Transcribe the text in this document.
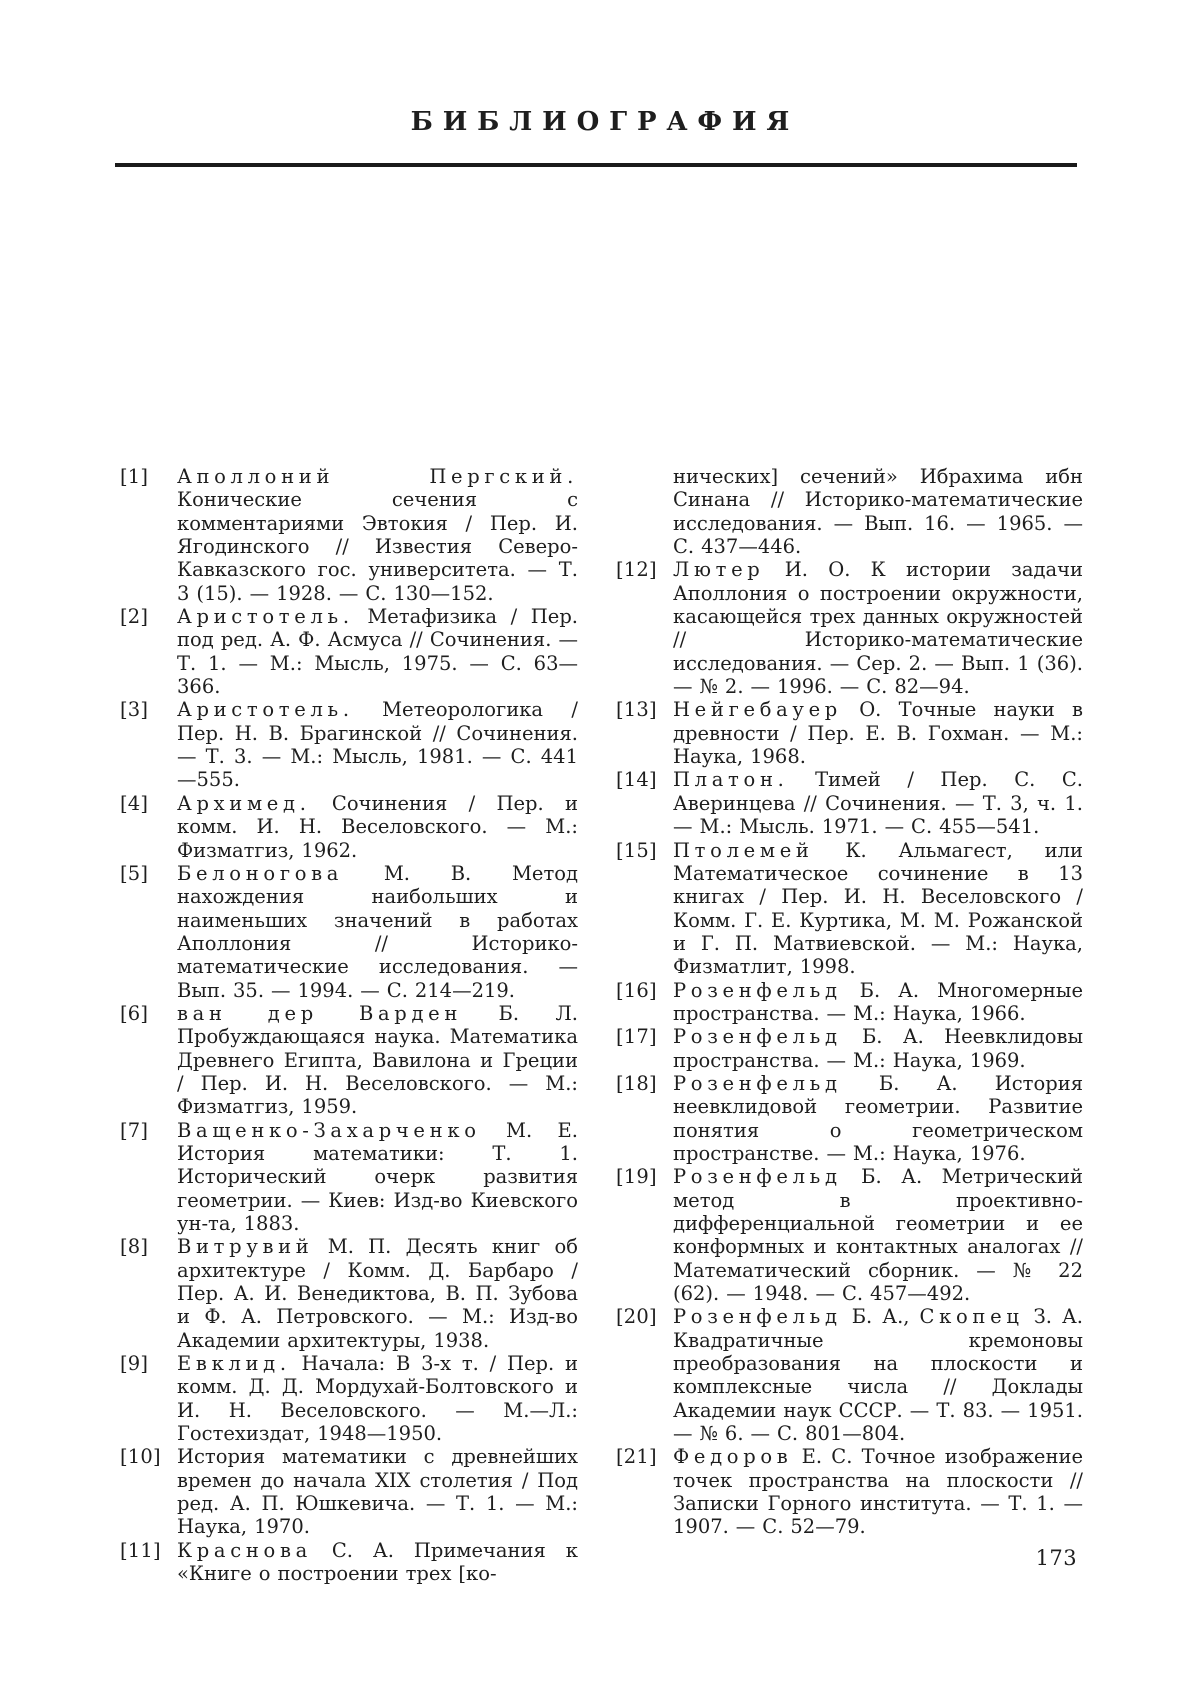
БИБЛИОГРАФИЯ
[1] Аполлоний Пергский. Конические сечения с комментариями Эвтокия / Пер. И. Ягодинского // Известия Северо-Кавказского гос. университета. — Т. 3 (15). — 1928. — С. 130—152.
[2] Аристотель. Метафизика / Пер. под ред. А. Ф. Асмуса // Сочинения. — Т. 1. — М.: Мысль, 1975. — С. 63—366.
[3] Аристотель. Метеорологика / Пер. Н. В. Брагинской // Сочинения. — Т. 3. — М.: Мысль, 1981. — С. 441—555.
[4] Архимед. Сочинения / Пер. и комм. И. Н. Веселовского. — М.: Физматгиз, 1962.
[5] Белоногова М. В. Метод нахождения наибольших и наименьших значений в работах Аполлония // Историко-математические исследования. — Вып. 35. — 1994. — С. 214—219.
[6] ван дер Варден Б. Л. Пробуждающаяся наука. Математика Древнего Египта, Вавилона и Греции / Пер. И. Н. Веселовского. — М.: Физматгиз, 1959.
[7] Ващенко-Захарченко М. Е. История математики: Т. 1. Исторический очерк развития геометрии. — Киев: Изд-во Киевского ун-та, 1883.
[8] Витрувий М. П. Десять книг об архитектуре / Комм. Д. Барбаро / Пер. А. И. Венедиктова, В. П. Зубова и Ф. А. Петровского. — М.: Изд-во Академии архитектуры, 1938.
[9] Евклид. Начала: В 3-х т. / Пер. и комм. Д. Д. Мордухай-Болтовского и И. Н. Веселовского. — М.—Л.: Гостехиздат, 1948—1950.
[10] История математики с древнейших времен до начала XIX столетия / Под ред. А. П. Юшкевича. — Т. 1. — М.: Наука, 1970.
[11] Краснова С. А. Примечания к «Книге о построении трех [ко-
нических] сечений» Ибрахима ибн Синана // Историко-математические исследования. — Вып. 16. — 1965. — С. 437—446.
[12] Лютер И. О. К истории задачи Аполлония о построении окружности, касающейся трех данных окружностей // Историко-математические исследования. — Сер. 2. — Вып. 1 (36). — № 2. — 1996. — С. 82—94.
[13] Нейгебауер О. Точные науки в древности / Пер. Е. В. Гохман. — М.: Наука, 1968.
[14] Платон. Тимей / Пер. С. С. Аверинцева // Сочинения. — Т. 3, ч. 1. — М.: Мысль. 1971. — С. 455—541.
[15] Птолемей К. Альмагест, или Математическое сочинение в 13 книгах / Пер. И. Н. Веселовского / Комм. Г. Е. Куртика, М. М. Рожанской и Г. П. Матвиевской. — М.: Наука, Физматлит, 1998.
[16] Розенфельд Б. А. Многомерные пространства. — М.: Наука, 1966.
[17] Розенфельд Б. А. Неевклидовы пространства. — М.: Наука, 1969.
[18] Розенфельд Б. А. История неевклидовой геометрии. Развитие понятия о геометрическом пространстве. — М.: Наука, 1976.
[19] Розенфельд Б. А. Метрический метод в проективно-дифференциальной геометрии и ее конформных и контактных аналогах // Математический сборник. — № 22 (62). — 1948. — С. 457—492.
[20] Розенфельд Б. А., Скопец З. А. Квадратичные кремоновы преобразования на плоскости и комплексные числа // Доклады Академии наук СССР. — Т. 83. — 1951. — № 6. — С. 801—804.
[21] Федоров Е. С. Точное изображение точек пространства на плоскости // Записки Горного института. — Т. 1. — 1907. — С. 52—79.
173
